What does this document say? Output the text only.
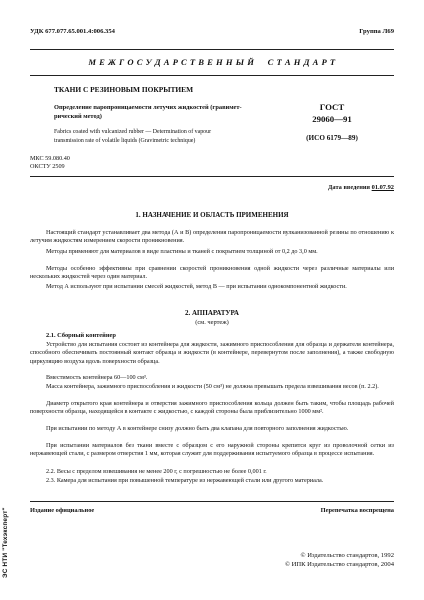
УДК 677.077.65.001.4:006.354	Группа Л69
М Е Ж Г О С У Д А Р С Т В Е Н Н Ы Й     С Т А Н Д А Р Т
ТКАНИ С РЕЗИНОВЫМ ПОКРЫТИЕМ
Определение паропроницаемости летучих жидкостей (гравимет-
рический метод)
Fabrics coated with vulcanized rubber — Determination of vapour
transmission rate of volatile liquids (Gravimetric technique)
ГОСТ
29060—91
(ИСО 6179—89)
МКС 59.080.40
ОКСТУ 2509
Дата введения 01.07.92
1. НАЗНАЧЕНИЕ И ОБЛАСТЬ ПРИМЕНЕНИЯ

Настоящий стандарт устанавливает два метода (А и В) определения паропроницаемости вулканизованной резины по отношению к летучим жидкостям измерением скорости проникновения.

Методы применяют для материалов в виде пластины и тканей с покрытием толщиной от 0,2 до 3,0 мм.

Методы особенно эффективны при сравнении скоростей проникновения одной жидкости через различные материалы или нескольких жидкостей через один материал.

Метод А используют при испытании смесей жидкостей, метод В — при испытании однокомпонентной жидкости.

2. АППАРАТУРА
(см. чертеж)
2.1. Сборный контейнер

Устройство для испытания состоит из контейнера для жидкости, зажимного приспособления для образца и держателя контейнера, способного обеспечивать постоянный контакт образца и жидкости (в контейнере, перевернутом после заполнения), а также свободную циркуляцию воздуха вдоль поверхности образца.

Вместимость контейнера 60—100 см³.

Масса контейнера, зажимного приспособления и жидкости (50 см³) не должна превышать предела взвешивания весов (п. 2.2).

Диаметр открытого края контейнера и отверстия зажимного приспособления кольца должен быть таким, чтобы площадь рабочей поверхности образца, находящейся в контакте с жидкостью, с каждой стороны была приблизительно 1000 мм².

При испытании по методу А в контейнере снизу должно быть два клапана для повторного заполнения жидкостью.

При испытании материалов без ткани вместе с образцом с его наружной стороны крепится круг из проволочной сетки из нержавеющей стали, с размером отверстия 1 мм, которая служит для поддерживания испытуемого образца в процессе испытания.

2.2. Весы с пределом взвешивания не менее 200 г, с погрешностью не более 0,001 г.

2.3. Камера для испытания при повышенной температуре из нержавеющей стали или другого материала.

Издание официальное	Перепечатка воспрещена
© Издательство стандартов, 1992
© ИПК Издательство стандартов, 2004
ЭС НТИ "Техэксперт"
